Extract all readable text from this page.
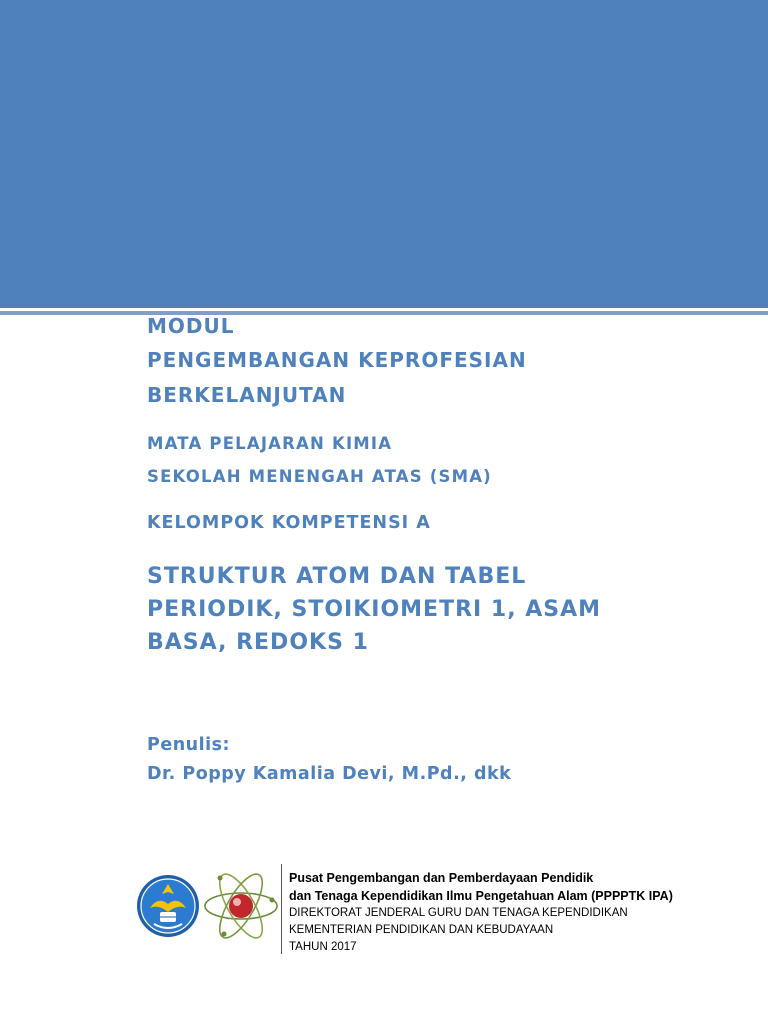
MODUL
PENGEMBANGAN KEPROFESIAN
BERKELANJUTAN
MATA PELAJARAN KIMIA
SEKOLAH MENENGAH ATAS (SMA)
KELOMPOK KOMPETENSI A
STRUKTUR ATOM DAN TABEL
PERIODIK, STOIKIOMETRI 1, ASAM
BASA, REDOKS 1
Penulis:
Dr. Poppy Kamalia Devi, M.Pd., dkk
Pusat Pengembangan dan Pemberdayaan Pendidik
dan Tenaga Kependidikan Ilmu Pengetahuan Alam (PPPPTK IPA)
DIREKTORAT JENDERAL GURU DAN TENAGA KEPENDIDIKAN
KEMENTERIAN PENDIDIKAN DAN KEBUDAYAAN
TAHUN 2017
